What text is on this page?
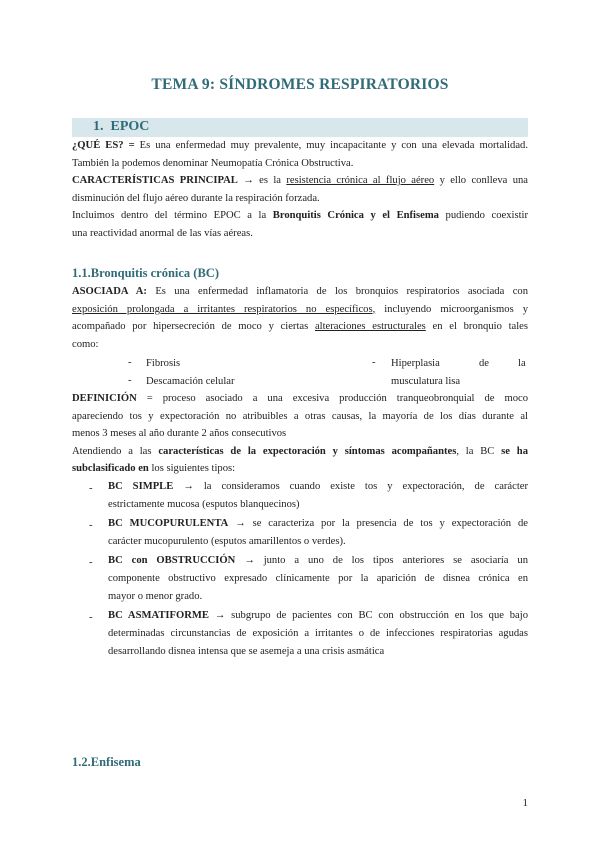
TEMA 9: SÍNDROMES RESPIRATORIOS
1. EPOC
¿QUÉ ES? = Es una enfermedad muy prevalente, muy incapacitante y con una elevada mortalidad.
También la podemos denominar Neumopatía Crónica Obstructiva.
CARACTERÍSTICAS PRINCIPAL → es la resistencia crónica al flujo aéreo y ello conlleva una
disminución del flujo aéreo durante la respiración forzada.
Incluimos dentro del término EPOC a la Bronquitis Crónica y el Enfisema pudiendo coexistir
una reactividad anormal de las vías aéreas.
1.1.Bronquitis crónica (BC)
ASOCIADA A: Es una enfermedad inflamatoria de los bronquios respiratorios asociada con
exposición prolongada a irritantes respiratorios no específicos, incluyendo microorganismos y
acompañado por hipersecreción de moco y ciertas alteraciones estructurales en el bronquio tales
como:
- Fibrosis
- Descamación celular
- Hiperplasia	de	la
musculatura lisa
DEFINICIÓN = proceso asociado a una excesiva producción tranqueobronquial de moco
apareciendo tos y expectoración no atribuibles a otras causas, la mayoría de los días durante al
menos 3 meses al año durante 2 años consecutivos
Atendiendo a las características de la expectoración y síntomas acompañantes, la BC se ha
subclasificado en los siguientes tipos:
- BC SIMPLE → la consideramos cuando existe tos y expectoración, de carácter
estrictamente mucosa (esputos blanquecinos)
- BC MUCOPURULENTA → se caracteriza por la presencia de tos y expectoración de
carácter mucopurulento (esputos amarillentos o verdes).
- BC con OBSTRUCCIÓN → junto a uno de los tipos anteriores se asociaría un
componente obstructivo expresado clínicamente por la aparición de disnea crónica en
mayor o menor grado.
- BC ASMATIFORME → subgrupo de pacientes con BC con obstrucción en los que bajo
determinadas circunstancias de exposición a irritantes o de infecciones respiratorias agudas
desarrollando disnea intensa que se asemeja a una crisis asmática
1.2.Enfisema
1
